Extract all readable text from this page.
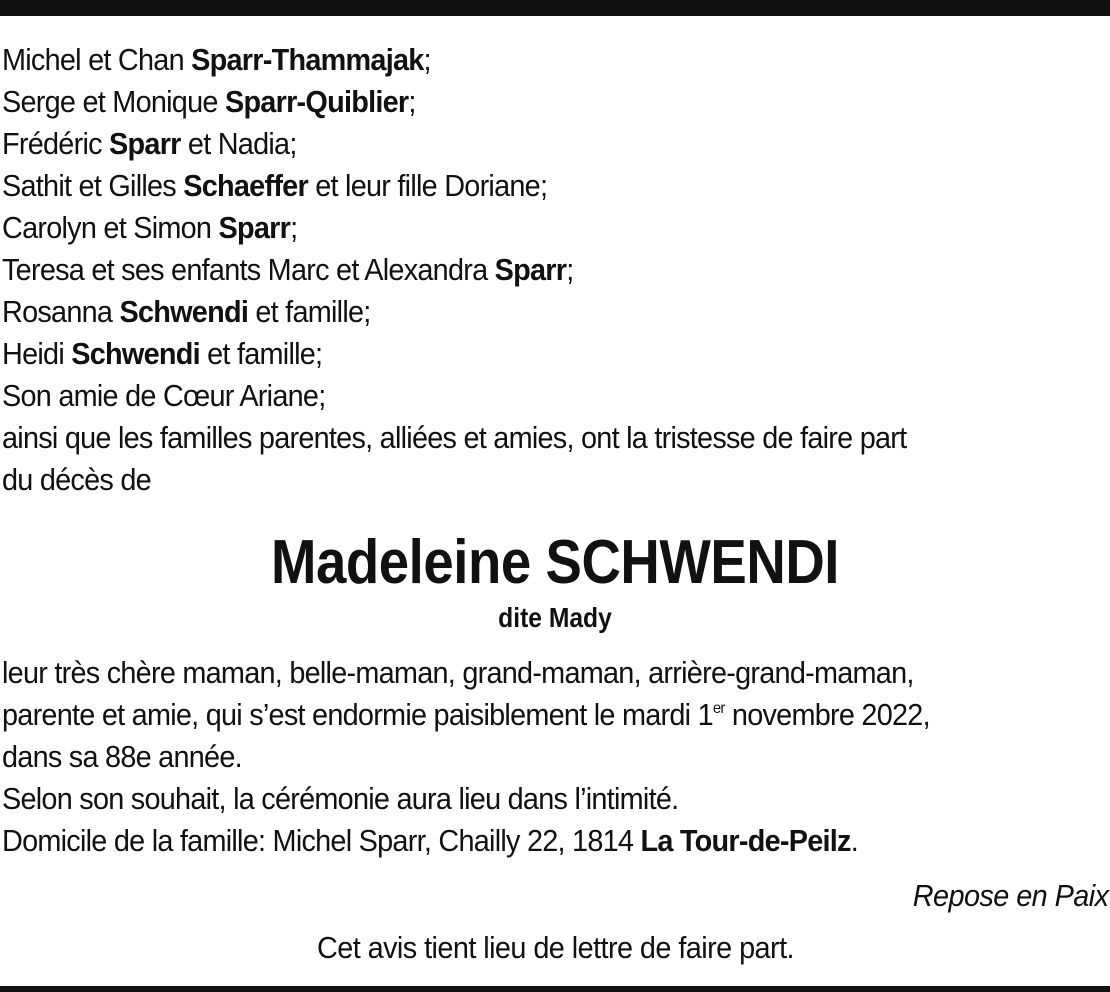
Michel et Chan Sparr-Thammajak;
Serge et Monique Sparr-Quiblier;
Frédéric Sparr et Nadia;
Sathit et Gilles Schaeffer et leur fille Doriane;
Carolyn et Simon Sparr;
Teresa et ses enfants Marc et Alexandra Sparr;
Rosanna Schwendi et famille;
Heidi Schwendi et famille;
Son amie de Cœur Ariane;
ainsi que les familles parentes, alliées et amies, ont la tristesse de faire part
du décès de
Madeleine SCHWENDI
dite Mady
leur très chère maman, belle-maman, grand-maman, arrière-grand-maman,
parente et amie, qui s’est endormie paisiblement le mardi 1er novembre 2022,
dans sa 88e année.
Selon son souhait, la cérémonie aura lieu dans l’intimité.
Domicile de la famille: Michel Sparr, Chailly 22, 1814 La Tour-de-Peilz.
Repose en Paix
Cet avis tient lieu de lettre de faire part.
